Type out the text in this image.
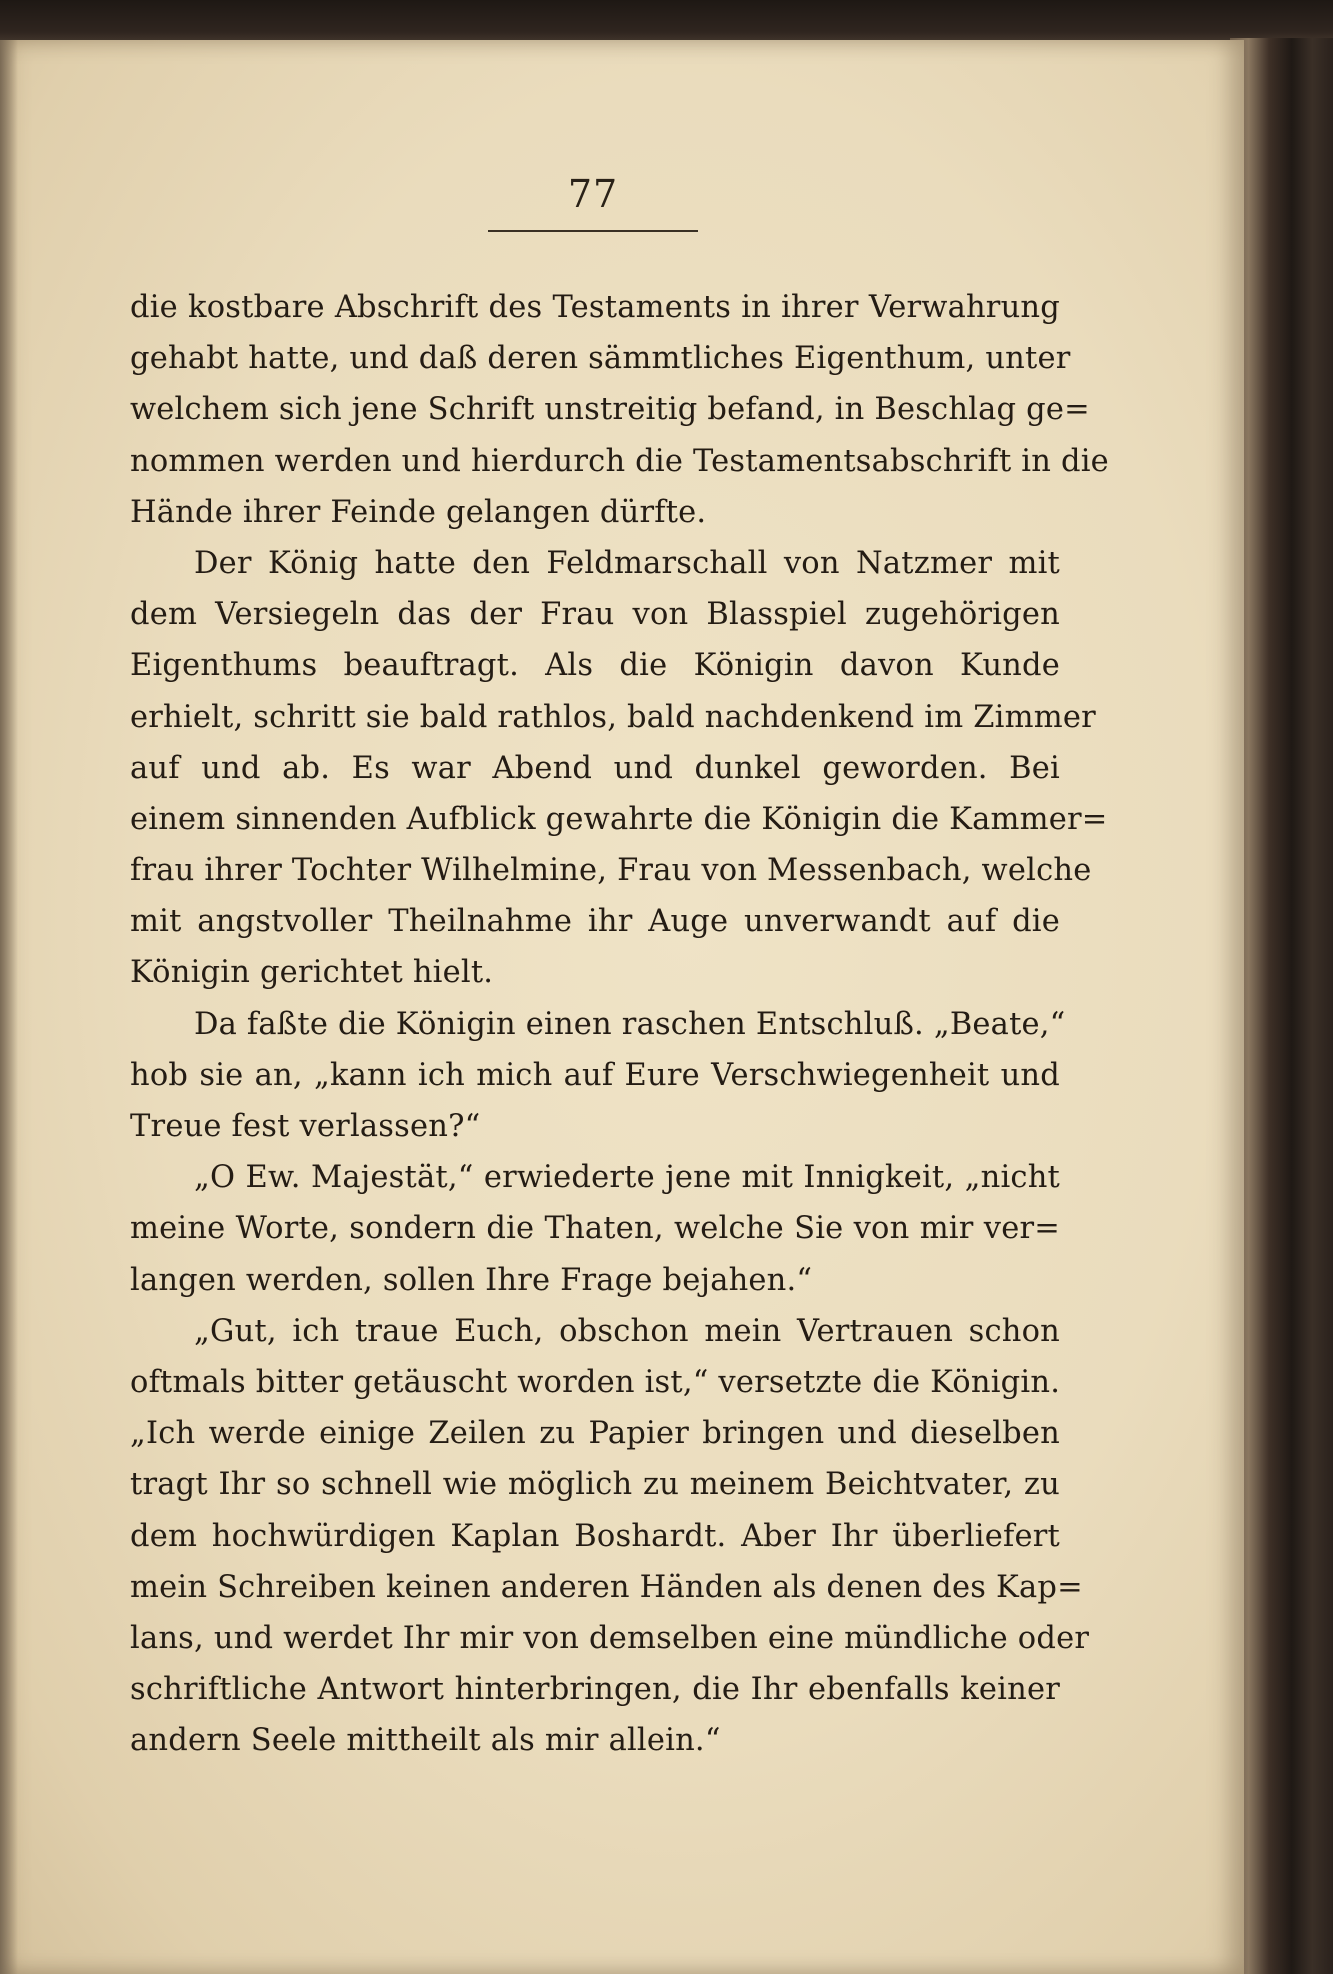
77
die kostbare Abschrift des Testaments in ihrer Verwahrung
gehabt hatte, und daß deren sämmtliches Eigenthum, unter
welchem sich jene Schrift unstreitig befand, in Beschlag ge=
nommen werden und hierdurch die Testamentsabschrift in die
Hände ihrer Feinde gelangen dürfte.
Der König hatte den Feldmarschall von Natzmer mit
dem Versiegeln das der Frau von Blasspiel zugehörigen
Eigenthums beauftragt. Als die Königin davon Kunde
erhielt, schritt sie bald rathlos, bald nachdenkend im Zimmer
auf und ab. Es war Abend und dunkel geworden. Bei
einem sinnenden Aufblick gewahrte die Königin die Kammer=
frau ihrer Tochter Wilhelmine, Frau von Messenbach, welche
mit angstvoller Theilnahme ihr Auge unverwandt auf die
Königin gerichtet hielt.
Da faßte die Königin einen raschen Entschluß. „Beate,“
hob sie an, „kann ich mich auf Eure Verschwiegenheit und
Treue fest verlassen?“
„O Ew. Majestät,“ erwiederte jene mit Innigkeit, „nicht
meine Worte, sondern die Thaten, welche Sie von mir ver=
langen werden, sollen Ihre Frage bejahen.“
„Gut, ich traue Euch, obschon mein Vertrauen schon
oftmals bitter getäuscht worden ist,“ versetzte die Königin.
„Ich werde einige Zeilen zu Papier bringen und dieselben
tragt Ihr so schnell wie möglich zu meinem Beichtvater, zu
dem hochwürdigen Kaplan Boshardt. Aber Ihr überliefert
mein Schreiben keinen anderen Händen als denen des Kap=
lans, und werdet Ihr mir von demselben eine mündliche oder
schriftliche Antwort hinterbringen, die Ihr ebenfalls keiner
andern Seele mittheilt als mir allein.“
